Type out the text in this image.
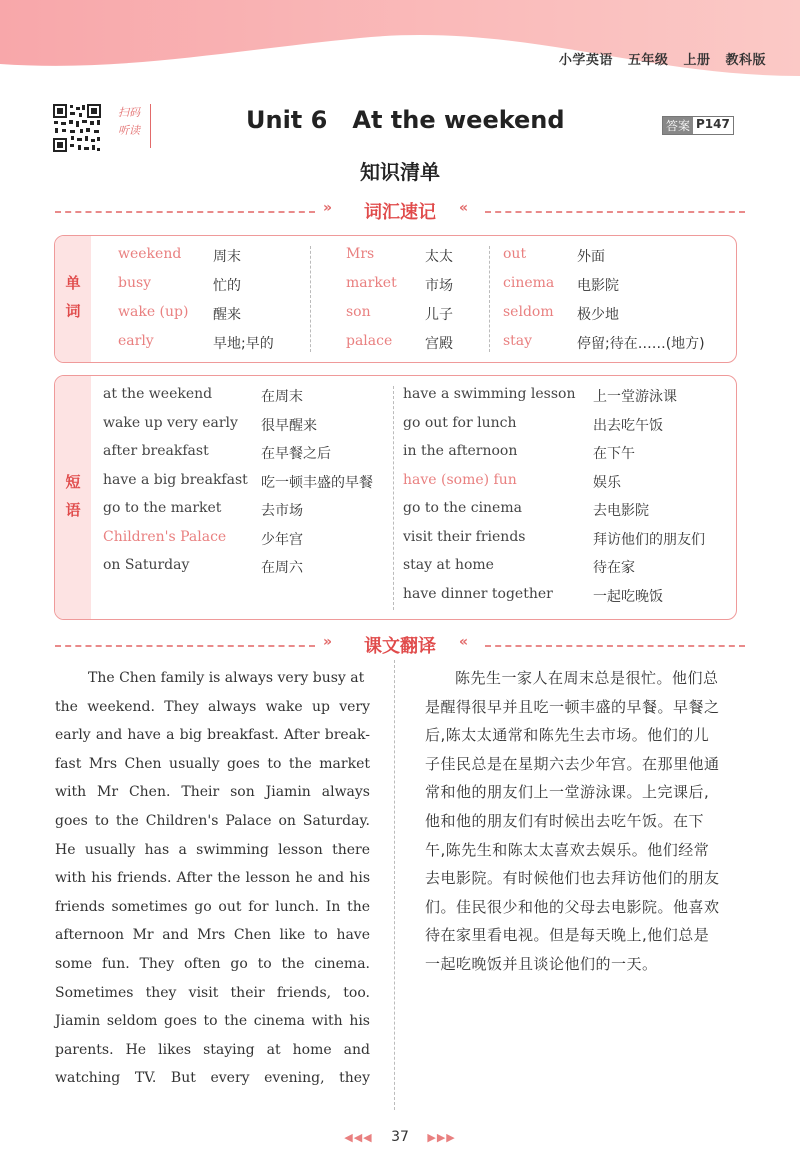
小学英语 五年级 上册 教科版
扫码
听读	Unit 6   At the weekend	答案 P147
知识清单
»	«
词汇速记
单
词
weekend 周末
busy	忙的
wake (up) 醒来
early	早地;早的
Mrs	太太
market 市场
son	儿子
palace 宫殿
out	外面
cinema 电影院
seldom 极少地
stay	停留;待在……(地方)
短
语
at the weekend	在周末
wake up very early 很早醒来
after breakfast	在早餐之后
have a big breakfast 吃一顿丰盛的早餐
go to the market	去市场
Children's Palace 少年宫
on Saturday	在周六
have a swimming lesson 上一堂游泳课
go out for lunch	出去吃午饭
in the afternoon	在下午
have (some) fun	娱乐
go to the cinema	去电影院
visit their friends	拜访他们的朋友们
stay at home	待在家
have dinner together	一起吃晚饭
»	«
课文翻译
The Chen family is always very busy at
the weekend. They always wake up very
early and have a big breakfast. After break-
fast Mrs Chen usually goes to the market
with Mr Chen. Their son Jiamin always
goes to the Children's Palace on Saturday.
He usually has a swimming lesson there
with his friends. After the lesson he and his
friends sometimes go out for lunch. In the
afternoon Mr and Mrs Chen like to have
some fun. They often go to the cinema.
Sometimes they visit their friends, too.
Jiamin seldom goes to the cinema with his
parents. He likes staying at home and
watching TV. But every evening, they
陈先生一家人在周末总是很忙。他们总
是醒得很早并且吃一顿丰盛的早餐。早餐之
后,陈太太通常和陈先生去市场。他们的儿
子佳民总是在星期六去少年宫。在那里他通
常和他的朋友们上一堂游泳课。上完课后,
他和他的朋友们有时候出去吃午饭。在下
午,陈先生和陈太太喜欢去娱乐。他们经常
去电影院。有时候他们也去拜访他们的朋友
们。佳民很少和他的父母去电影院。他喜欢
待在家里看电视。但是每天晚上,他们总是
一起吃晚饭并且谈论他们的一天。
◀◀◀ 37 ▶▶▶
